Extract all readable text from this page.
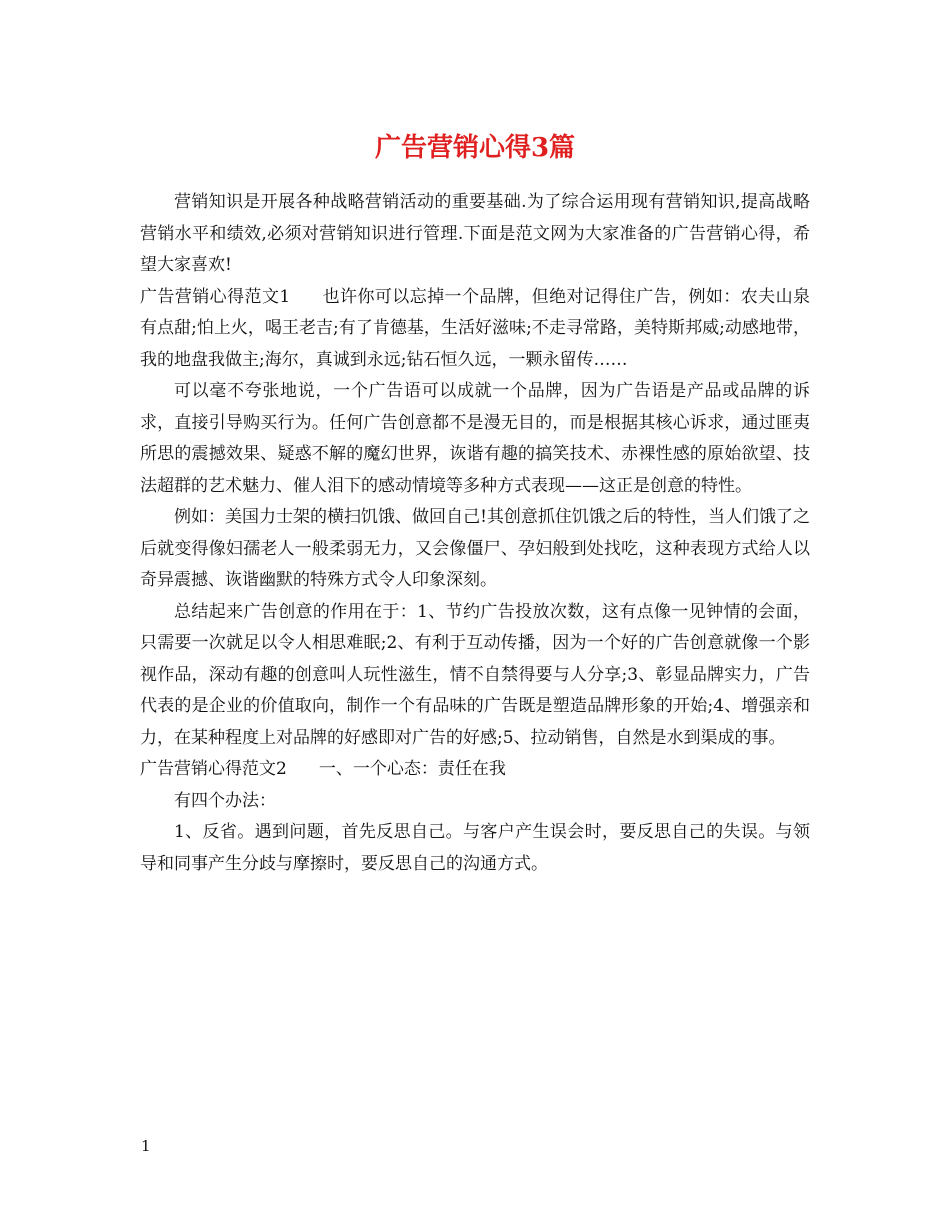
广告营销心得3篇

营销知识是开展各种战略营销活动的重要基础.为了综合运用现有营销知识,提高战略营销水平和绩效,必须对营销知识进行管理.下面是范文网为大家准备的广告营销心得，希望大家喜欢!

广告营销心得范文1 也许你可以忘掉一个品牌，但绝对记得住广告，例如：农夫山泉有点甜;怕上火，喝王老吉;有了肯德基，生活好滋味;不走寻常路，美特斯邦威;动感地带，我的地盘我做主;海尔，真诚到永远;钻石恒久远，一颗永留传……

可以毫不夸张地说，一个广告语可以成就一个品牌，因为广告语是产品或品牌的诉求，直接引导购买行为。任何广告创意都不是漫无目的，而是根据其核心诉求，通过匪夷所思的震撼效果、疑惑不解的魔幻世界，诙谐有趣的搞笑技术、赤裸性感的原始欲望、技法超群的艺术魅力、催人泪下的感动情境等多种方式表现——这正是创意的特性。

例如：美国力士架的横扫饥饿、做回自己!其创意抓住饥饿之后的特性，当人们饿了之后就变得像妇孺老人一般柔弱无力，又会像僵尸、孕妇般到处找吃，这种表现方式给人以奇异震撼、诙谐幽默的特殊方式令人印象深刻。

总结起来广告创意的作用在于：1、节约广告投放次数，这有点像一见钟情的会面，只需要一次就足以令人相思难眠;2、有利于互动传播，因为一个好的广告创意就像一个影视作品，深动有趣的创意叫人玩性滋生，情不自禁得要与人分享;3、彰显品牌实力，广告代表的是企业的价值取向，制作一个有品味的广告既是塑造品牌形象的开始;4、增强亲和力，在某种程度上对品牌的好感即对广告的好感;5、拉动销售，自然是水到渠成的事。

广告营销心得范文2 一、一个心态：责任在我

有四个办法：

1、反省。遇到问题，首先反思自己。与客户产生误会时，要反思自己的失误。与领导和同事产生分歧与摩擦时，要反思自己的沟通方式。

1
